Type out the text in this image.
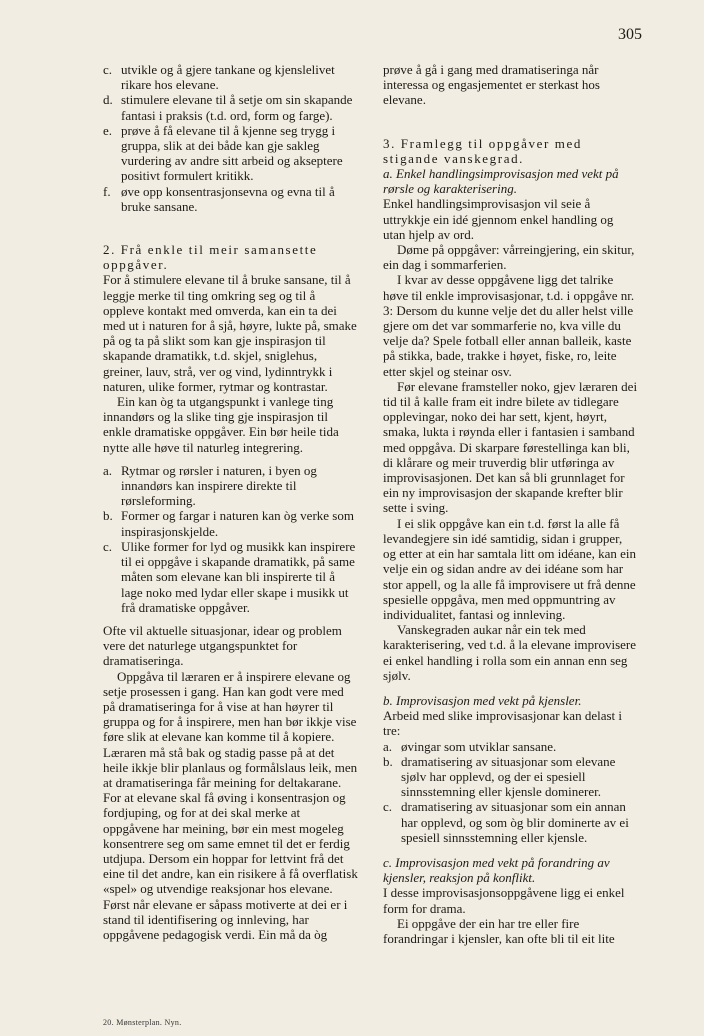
305
c. utvikle og å gjere tankane og kjenslelivet rikare hos elevane.
d. stimulere elevane til å setje om sin skapande fantasi i praksis (t.d. ord, form og farge).
e. prøve å få elevane til å kjenne seg trygg i gruppa, slik at dei både kan gje sakleg vurdering av andre sitt arbeid og akseptere positivt formulert kritikk.
f. øve opp konsentrasjonsevna og evna til å bruke sansane.

2. Frå enkle til meir samansette oppgåver.

For å stimulere elevane til å bruke sansane, til å leggje merke til ting omkring seg og til å oppleve kontakt med omverda, kan ein ta dei med ut i naturen for å sjå, høyre, lukte på, smake på og ta på slikt som kan gje inspirasjon til skapande dramatikk, t.d. skjel, sniglehus, greiner, lauv, strå, ver og vind, lydinntrykk i naturen, ulike former, rytmar og kontrastar.

Ein kan òg ta utgangspunkt i vanlege ting innandørs og la slike ting gje inspirasjon til enkle dramatiske oppgåver. Ein bør heile tida nytte alle høve til naturleg integrering.

a. Rytmar og rørsler i naturen, i byen og innandørs kan inspirere direkte til rørsleforming.
b. Former og fargar i naturen kan òg verke som inspirasjonskjelde.
c. Ulike former for lyd og musikk kan inspirere til ei oppgåve i skapande dramatikk, på same måten som elevane kan bli inspirerte til å lage noko med lydar eller skape i musikk ut frå dramatiske oppgåver.

Ofte vil aktuelle situasjonar, idear og problem vere det naturlege utgangspunktet for dramatiseringa.

Oppgåva til læraren er å inspirere elevane og setje prosessen i gang. Han kan godt vere med på dramatiseringa for å vise at han høyrer til gruppa og for å inspirere, men han bør ikkje vise føre slik at elevane kan komme til å kopiere. Læraren må stå bak og stadig passe på at det heile ikkje blir planlaus og formålslaus leik, men at dramatiseringa får meining for deltakarane. For at elevane skal få øving i konsentrasjon og fordjuping, og for at dei skal merke at oppgåvene har meining, bør ein mest mogeleg konsentrere seg om same emnet til det er ferdig utdjupa. Dersom ein hoppar for lettvint frå det eine til det andre, kan ein risikere å få overflatisk «spel» og utvendige reaksjonar hos elevane. Først når elevane er såpass motiverte at dei er i stand til identifisering og innleving, har oppgåvene pedagogisk verdi. Ein må da òg

prøve å gå i gang med dramatiseringa når interessa og engasjementet er sterkast hos elevane.

3. Framlegg til oppgåver med stigande vanskegrad.

a. Enkel handlingsimprovisasjon med vekt på rørsle og karakterisering.

Enkel handlingsimprovisasjon vil seie å uttrykkje ein idé gjennom enkel handling og utan hjelp av ord.

Døme på oppgåver: vårreingjering, ein skitur, ein dag i sommarferien.

I kvar av desse oppgåvene ligg det talrike høve til enkle improvisasjonar, t.d. i oppgåve nr. 3: Dersom du kunne velje det du aller helst ville gjere om det var sommarferie no, kva ville du velje da? Spele fotball eller annan balleik, kaste på stikka, bade, trakke i høyet, fiske, ro, leite etter skjel og steinar osv.

Før elevane framsteller noko, gjev læraren dei tid til å kalle fram eit indre bilete av tidlegare opplevingar, noko dei har sett, kjent, høyrt, smaka, lukta i røynda eller i fantasien i samband med oppgåva. Di skarpare førestellinga kan bli, di klårare og meir truverdig blir utføringa av improvisasjonen. Det kan så bli grunnlaget for ein ny improvisasjon der skapande krefter blir sette i sving.

I ei slik oppgåve kan ein t.d. først la alle få levandegjere sin idé samtidig, sidan i grupper, og etter at ein har samtala litt om idéane, kan ein velje ein og sidan andre av dei idéane som har stor appell, og la alle få improvisere ut frå denne spesielle oppgåva, men med oppmuntring av individualitet, fantasi og innleving.

Vanskegraden aukar når ein tek med karakterisering, ved t.d. å la elevane improvisere ei enkel handling i rolla som ein annan enn seg sjølv.

b. Improvisasjon med vekt på kjensler.

Arbeid med slike improvisasjonar kan delast i tre:

a. øvingar som utviklar sansane.
b. dramatisering av situasjonar som elevane sjølv har opplevd, og der ei spesiell sinnsstemning eller kjensle dominerer.
c. dramatisering av situasjonar som ein annan har opplevd, og som òg blir dominerte av ei spesiell sinnsstemning eller kjensle.

c. Improvisasjon med vekt på forandring av kjensler, reaksjon på konflikt.

I desse improvisasjonsoppgåvene ligg ei enkel form for drama.

Ei oppgåve der ein har tre eller fire forandringar i kjensler, kan ofte bli til eit lite

20. Mønsterplan. Nyn.
